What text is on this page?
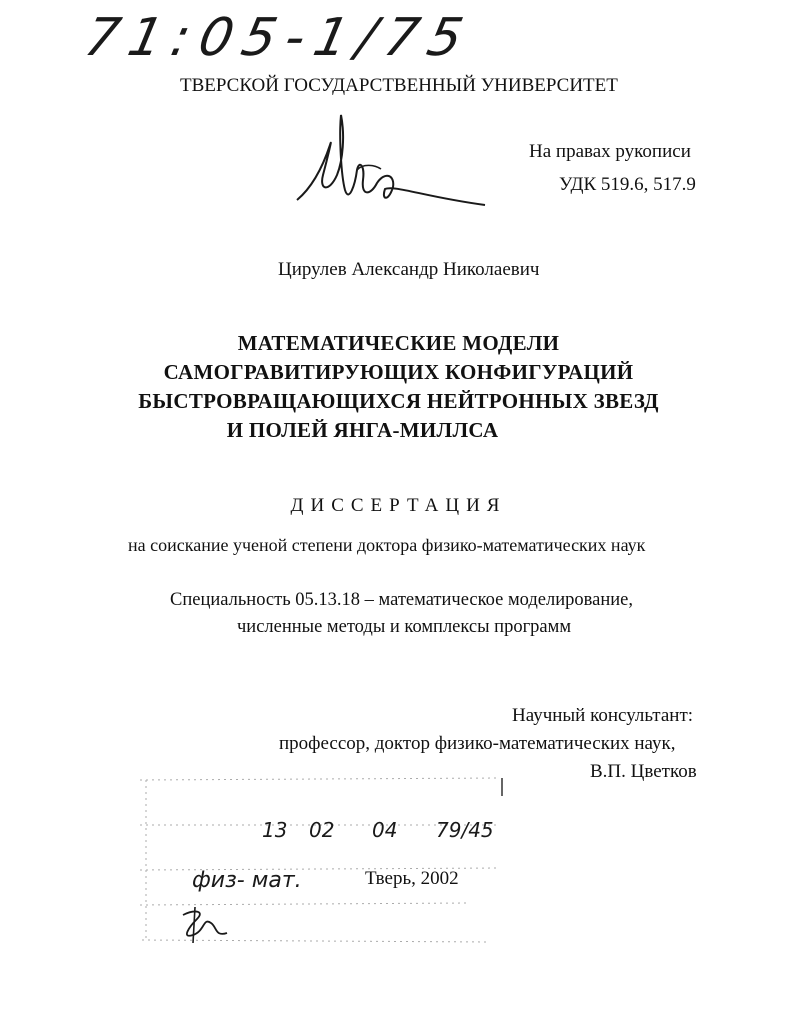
71:05-1/75
ТВЕРСКОЙ ГОСУДАРСТВЕННЫЙ УНИВЕРСИТЕТ
На правах рукописи
УДК 519.6, 517.9
Цирулев Александр Николаевич
МАТЕМАТИЧЕСКИЕ МОДЕЛИ
САМОГРАВИТИРУЮЩИХ КОНФИГУРАЦИЙ
БЫСТРОВРАЩАЮЩИХСЯ НЕЙТРОННЫХ ЗВЕЗД
И ПОЛЕЙ ЯНГА-МИЛЛСА
ДИССЕРТАЦИЯ
на соискание ученой степени доктора физико-математических наук
Специальность 05.13.18 – математическое моделирование,
численные методы и комплексы программ
Научный консультант:
профессор, доктор физико-математических наук,
В.П. Цветков
13 02 04 79/45
физ- мат.	Тверь, 2002
